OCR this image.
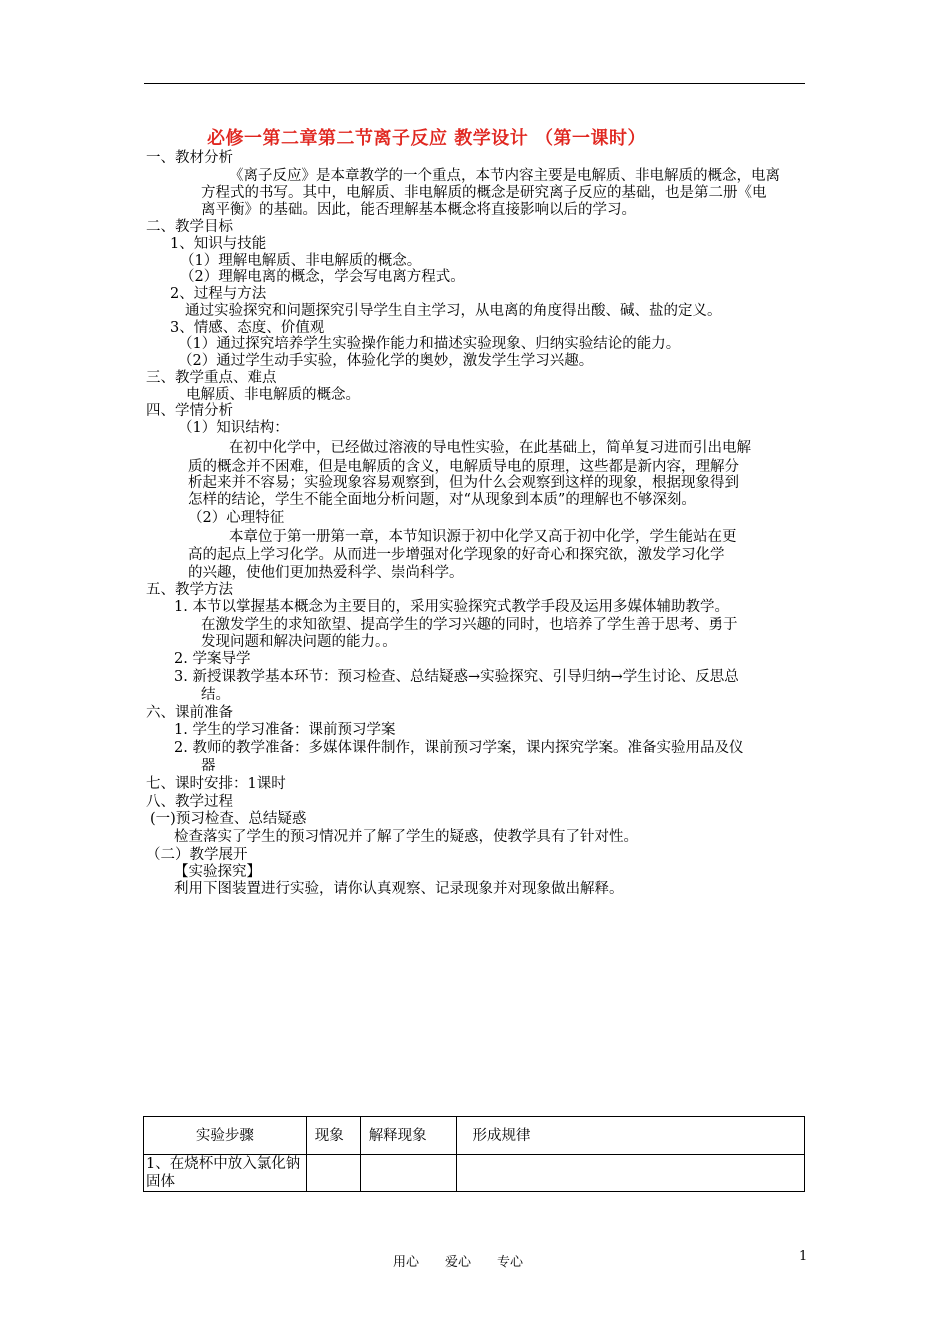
必修一第二章第二节离子反应 教学设计 （第一课时）
一、教材分析
《离子反应》是本章教学的一个重点，本节内容主要是电解质、非电解质的概念，电离
方程式的书写。其中，电解质、非电解质的概念是研究离子反应的基础，也是第二册《电
离平衡》的基础。因此，能否理解基本概念将直接影响以后的学习。
二、教学目标
1、知识与技能
（1）理解电解质、非电解质的概念。
（2）理解电离的概念，学会写电离方程式。
2、过程与方法
通过实验探究和问题探究引导学生自主学习，从电离的角度得出酸、碱、盐的定义。
3、情感、态度、价值观
（1）通过探究培养学生实验操作能力和描述实验现象、归纳实验结论的能力。
（2）通过学生动手实验，体验化学的奥妙，激发学生学习兴趣。
三、教学重点、难点
电解质、非电解质的概念。
四、学情分析
（1）知识结构：
在初中化学中，已经做过溶液的导电性实验，在此基础上，简单复习进而引出电解
质的概念并不困难，但是电解质的含义，电解质导电的原理，这些都是新内容，理解分
析起来并不容易；实验现象容易观察到，但为什么会观察到这样的现象，根据现象得到
怎样的结论，学生不能全面地分析问题，对“从现象到本质”的理解也不够深刻。
（2）心理特征
本章位于第一册第一章，本节知识源于初中化学又高于初中化学，学生能站在更
高的起点上学习化学。从而进一步增强对化学现象的好奇心和探究欲，激发学习化学
的兴趣，使他们更加热爱科学、崇尚科学。
五、教学方法
1. 本节以掌握基本概念为主要目的，采用实验探究式教学手段及运用多媒体辅助教学。
在激发学生的求知欲望、提高学生的学习兴趣的同时，也培养了学生善于思考、勇于
发现问题和解决问题的能力。。
2. 学案导学
3. 新授课教学基本环节：预习检查、总结疑惑→实验探究、引导归纳→学生讨论、反思总
结。
六、课前准备
1. 学生的学习准备：课前预习学案
2. 教师的教学准备：多媒体课件制作，课前预习学案，课内探究学案。准备实验用品及仪
器
七、课时安排：1课时
八、教学过程
(一)预习检查、总结疑惑
检查落实了学生的预习情况并了解了学生的疑惑，使教学具有了针对性。
（二）教学展开
【实验探究】
利用下图装置进行实验，请你认真观察、记录现象并对现象做出解释。
实验步骤	现象	解释现象	形成规律
1、在烧杯中放入氯化钠固体			
用心　　爱心　　专心	1
